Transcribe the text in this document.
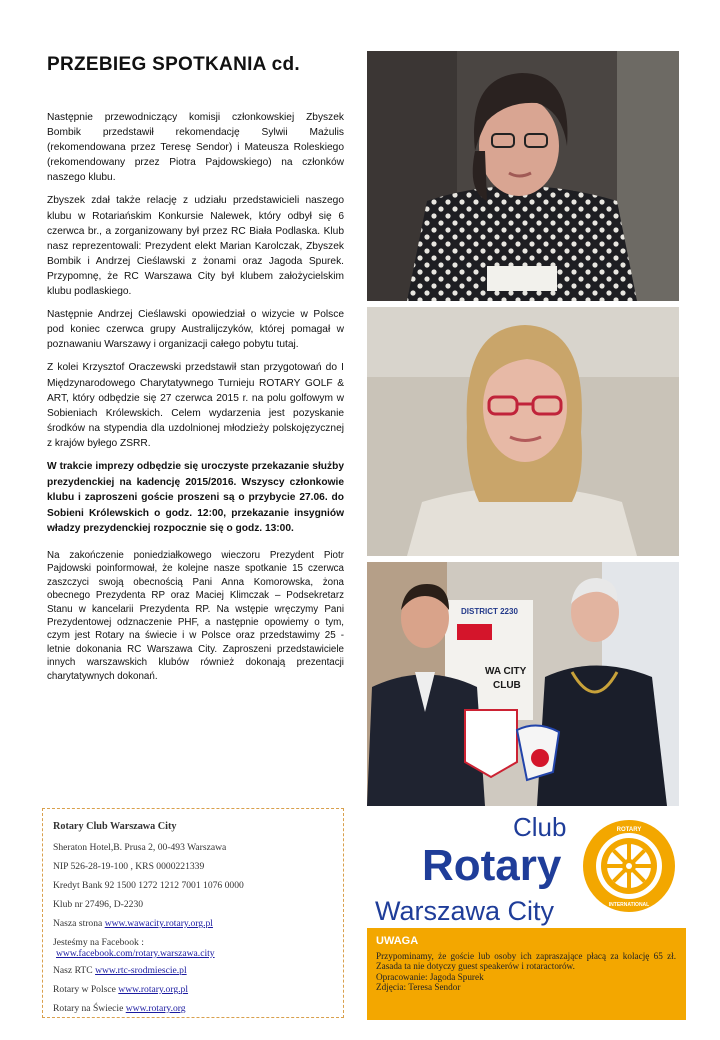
PRZEBIEG SPOTKANIA cd.

Następnie przewodniczący komisji członkowskiej Zbyszek Bombik przedstawił rekomendację Sylwii Mażulis (rekomendowana przez Teresę Sendor) i Mateusza Roleskiego (rekomendowany przez Piotra Pajdowskiego) na członków naszego klubu.

Zbyszek zdał także relację z udziału przedstawicieli naszego klubu w Rotariańskim Konkursie Nalewek, który odbył się 6 czerwca br., a zorganizowany był przez RC Biała Podlaska. Klub nasz reprezentowali: Prezydent elekt Marian Karolczak, Zbyszek Bombik i Andrzej Cieślawski z żonami oraz Jagoda Spurek. Przypomnę, że RC Warszawa City był klubem założycielskim klubu podlaskiego.

Następnie Andrzej Cieślawski opowiedział o wizycie w Polsce pod koniec czerwca grupy Australijczyków, której pomagał w poznawaniu Warszawy i organizacji całego pobytu tutaj.

Z kolei Krzysztof Oraczewski przedstawił stan przygotowań do I Międzynarodowego Charytatywnego Turnieju ROTARY GOLF & ART, który odbędzie się 27 czerwca 2015 r. na polu golfowym w Sobieniach Królewskich. Celem wydarzenia jest pozyskanie środków na stypendia dla uzdolnionej młodzieży polskojęzycznej z krajów byłego ZSRR.

W trakcie imprezy odbędzie się uroczyste przekazanie służby prezydenckiej na kadencję 2015/2016. Wszyscy członkowie klubu i zaproszeni goście proszeni są o przybycie 27.06. do Sobieni Królewskich o godz. 12:00, przekazanie insygniów władzy prezydenckiej rozpocznie się o godz. 13:00.

Na zakończenie poniedziałkowego wieczoru Prezydent Piotr Pajdowski poinformował, że kolejne nasze spotkanie 15 czerwca zaszczyci swoją obecnością Pani Anna Komorowska, żona obecnego Prezydenta RP oraz Maciej Klimczak – Podsekretarz Stanu w kancelarii Prezydenta RP. Na wstępie wręczymy Pani Prezydentowej odznaczenie PHF, a następnie opowiemy o tym, czym jest Rotary na świecie i w Polsce oraz przedstawimy 25 - letnie dokonania RC Warszawa City. Zaproszeni przedstawiciele innych warszawskich klubów również dokonają prezentacji charytatywnych dokonań.

DISTRICT 2230
WA CITY
CLUB
Rotary Club Warszawa City
Sheraton Hotel,B. Prusa 2, 00-493 Warszawa
NIP 526-28-19-100 , KRS 0000221339
Kredyt Bank 92 1500 1272 1212 7001 1076 0000
Klub nr 27496, D-2230
Nasza strona www.wawacity.rotary.org.pl
Jesteśmy na Facebook :
www.facebook.com/rotary.warszawa.city
Nasz RTC www.rtc-srodmiescie.pl
Rotary w Polsce www.rotary.org.pl
Rotary na Świecie www.rotary.org
Club
Rotary
Warszawa City
ROTARY
INTERNATIONAL
UWAGA
Przypominamy, że goście lub osoby ich zapraszające płacą za kolację 65 zł. Zasada ta nie dotyczy guest speakerów i rotaractorów.
Opracowanie: Jagoda Spurek
Zdjęcia: Teresa Sendor
